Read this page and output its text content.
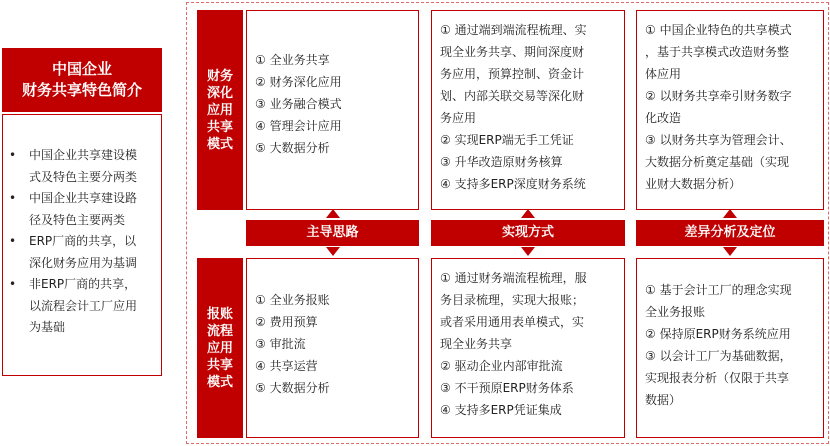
中国企业
财务共享特色简介
• 中国企业共享建设模
式及特色主要分两类
• 中国企业共享建设路
径及特色主要两类
• ERP厂商的共享，以
深化财务应用为基调
• 非ERP厂商的共享，
以流程会计工厂应用
为基础
财务深化应用共享模式
报账流程应用共享模式
① 全业务共享
② 财务深化应用
③ 业务融合模式
④ 管理会计应用
⑤ 大数据分析
① 通过端到端流程梳理、实
现全业务共享、期间深度财
务应用，预算控制、资金计
划、内部关联交易等深化财
务应用
② 实现ERP端无手工凭证
③ 升华改造原财务核算
④ 支持多ERP深度财务系统
① 中国企业特色的共享模式
，基于共享模式改造财务整
体应用
② 以财务共享牵引财务数字
化改造
③ 以财务共享为管理会计、
大数据分析奠定基础（实现
业财大数据分析）
主导思路	实现方式	差异分析及定位
① 全业务报账
② 费用预算
③ 审批流
④ 共享运营
⑤ 大数据分析
① 通过财务端流程梳理，服
务目录梳理，实现大报账；
或者采用通用表单模式，实
现全业务共享
② 驱动企业内部审批流
③ 不干预原ERP财务体系
④ 支持多ERP凭证集成
① 基于会计工厂的理念实现
全业务报账
② 保持原ERP财务系统应用
③ 以会计工厂为基础数据，
实现报表分析（仅限于共享
数据）
